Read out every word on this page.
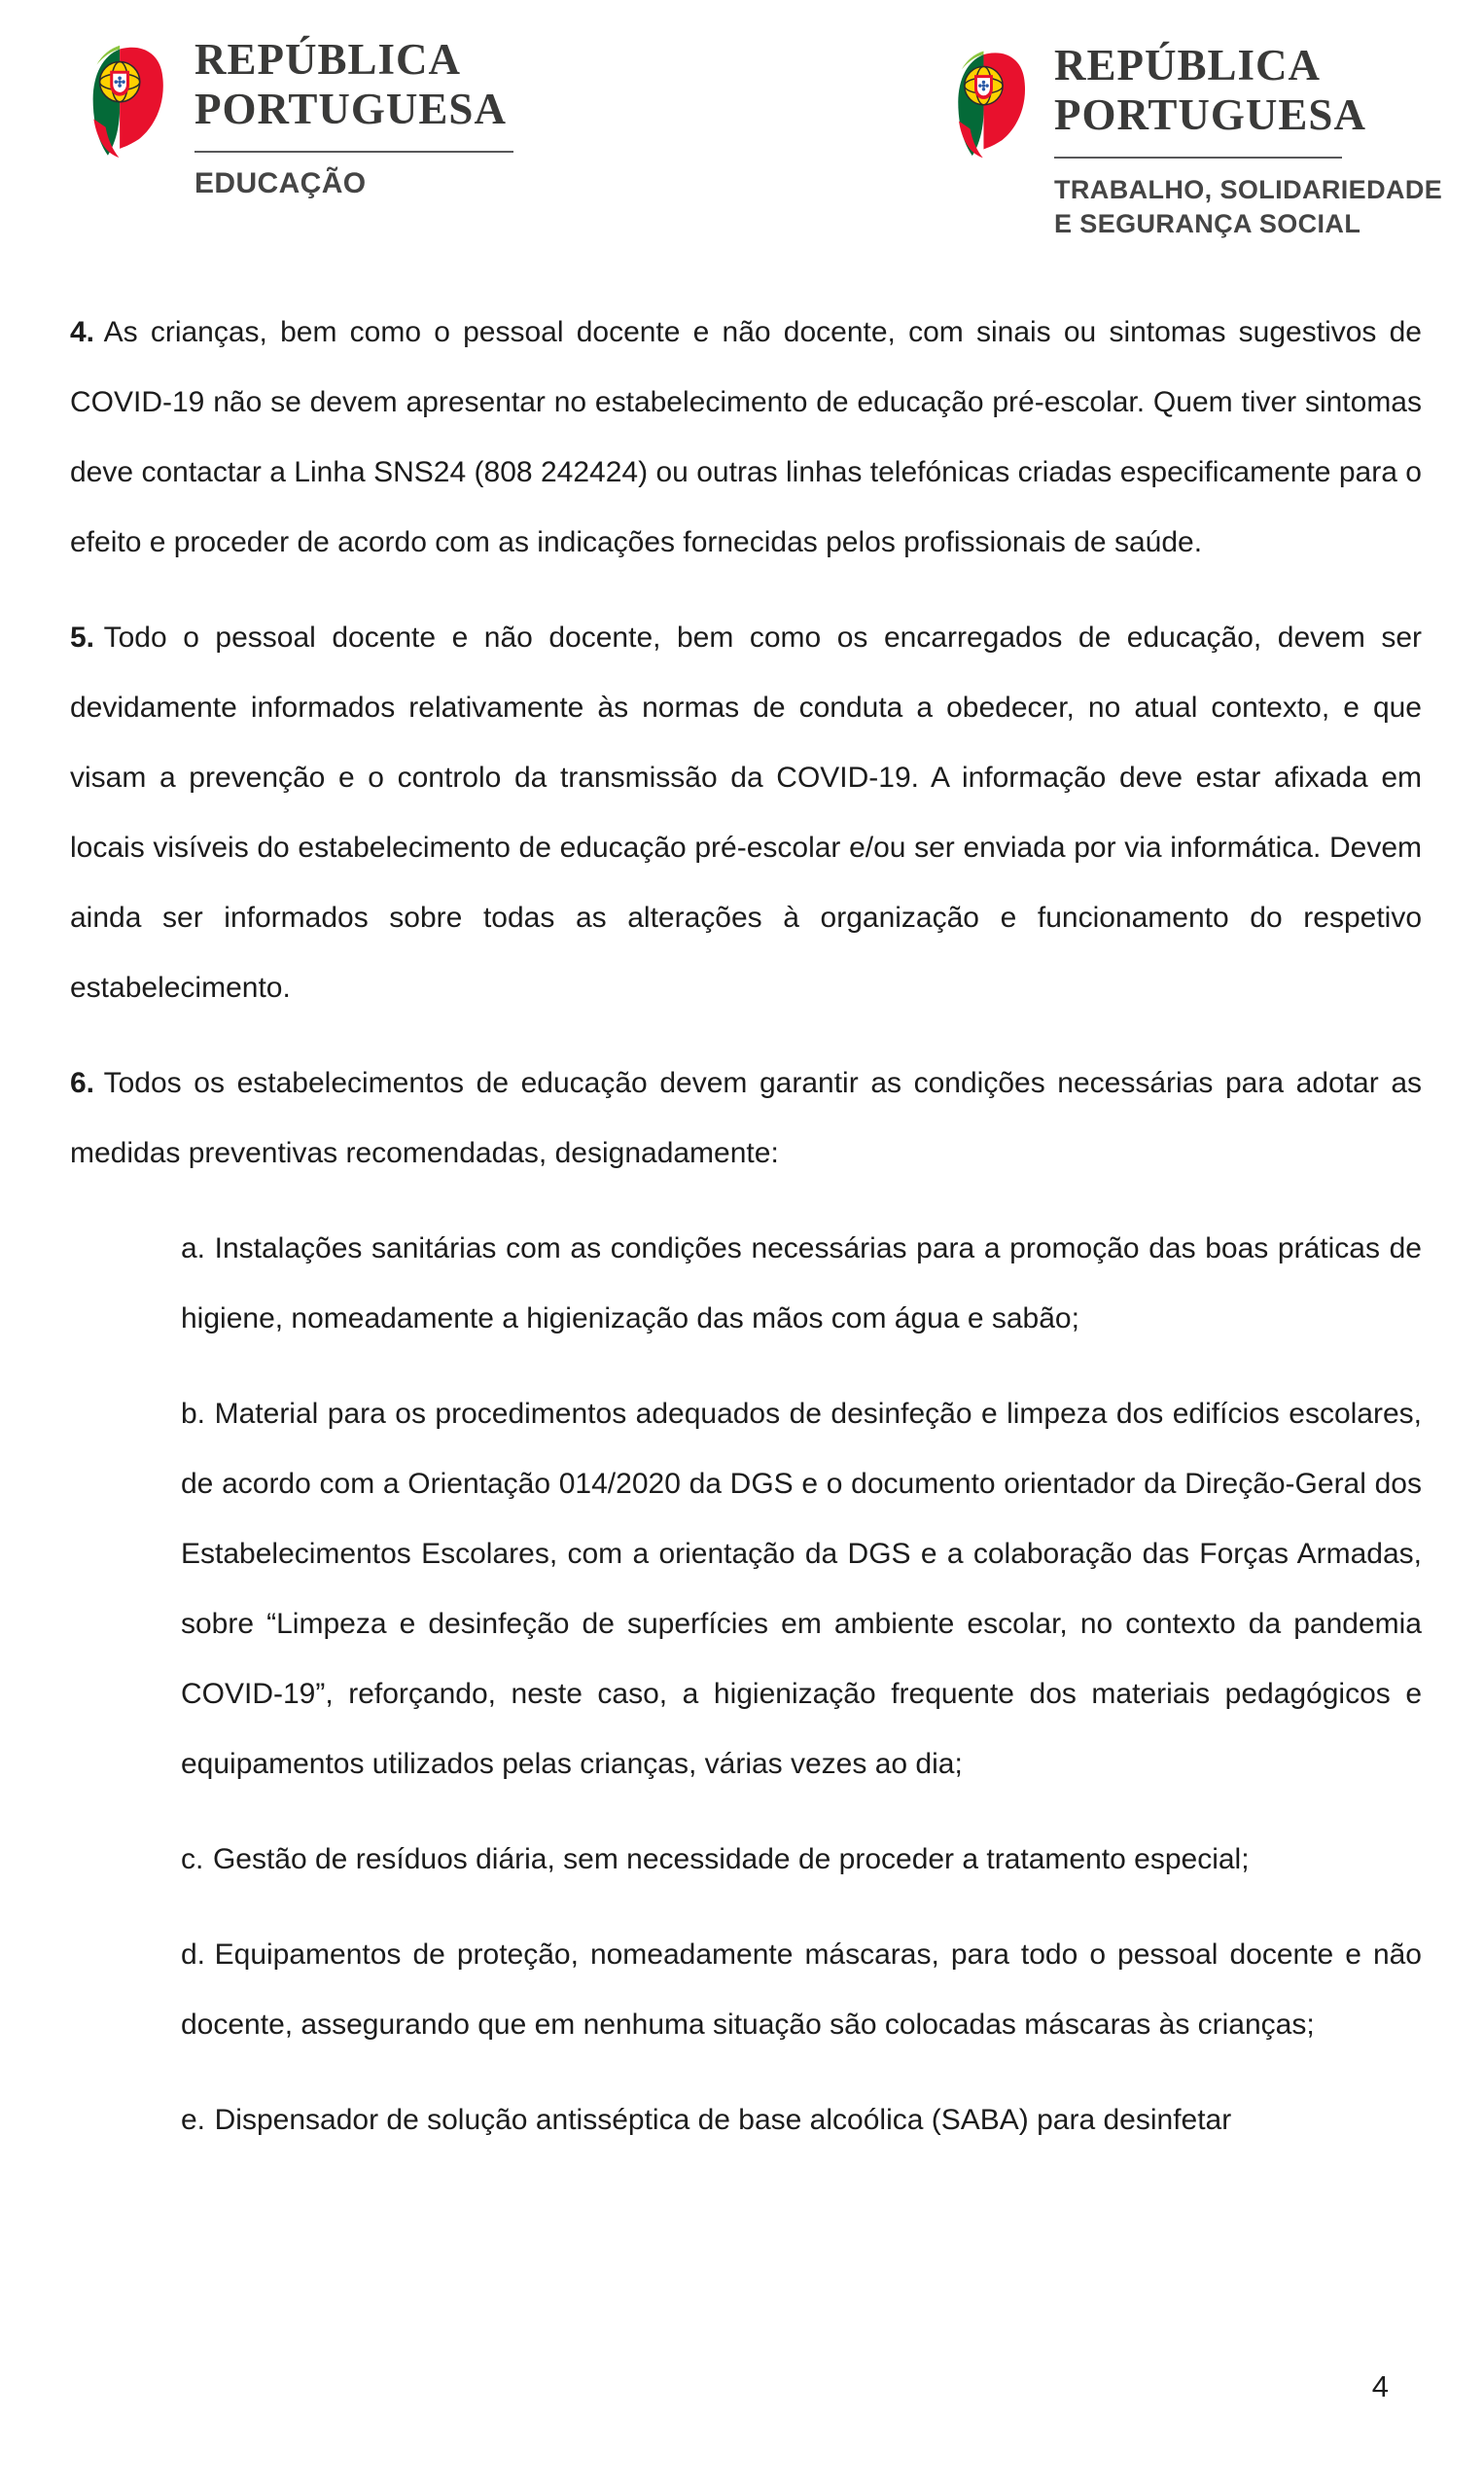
REPÚBLICA
PORTUGUESA
EDUCAÇÃO
REPÚBLICA
PORTUGUESA
TRABALHO, SOLIDARIEDADE
E SEGURANÇA SOCIAL

4. As crianças, bem como o pessoal docente e não docente, com sinais ou sintomas sugestivos de COVID-19 não se devem apresentar no estabelecimento de educação pré-escolar. Quem tiver sintomas deve contactar a Linha SNS24 (808 242424) ou outras linhas telefónicas criadas especificamente para o efeito e proceder de acordo com as indicações fornecidas pelos profissionais de saúde.

5. Todo o pessoal docente e não docente, bem como os encarregados de educação, devem ser devidamente informados relativamente às normas de conduta a obedecer, no atual contexto, e que visam a prevenção e o controlo da transmissão da COVID-19. A informação deve estar afixada em locais visíveis do estabelecimento de educação pré-escolar e/ou ser enviada por via informática. Devem ainda ser informados sobre todas as alterações à organização e funcionamento do respetivo estabelecimento.

6. Todos os estabelecimentos de educação devem garantir as condições necessárias para adotar as medidas preventivas recomendadas, designadamente:

a. Instalações sanitárias com as condições necessárias para a promoção das boas práticas de higiene, nomeadamente a higienização das mãos com água e sabão;

b. Material para os procedimentos adequados de desinfeção e limpeza dos edifícios escolares, de acordo com a Orientação 014/2020 da DGS e o documento orientador da Direção-Geral dos Estabelecimentos Escolares, com a orientação da DGS e a colaboração das Forças Armadas, sobre “Limpeza e desinfeção de superfícies em ambiente escolar, no contexto da pandemia COVID-19”, reforçando, neste caso, a higienização frequente dos materiais pedagógicos e equipamentos utilizados pelas crianças, várias vezes ao dia;

c. Gestão de resíduos diária, sem necessidade de proceder a tratamento especial;

d. Equipamentos de proteção, nomeadamente máscaras, para todo o pessoal docente e não docente, assegurando que em nenhuma situação são colocadas máscaras às crianças;

e. Dispensador de solução antisséptica de base alcoólica (SABA) para desinfetar

4
